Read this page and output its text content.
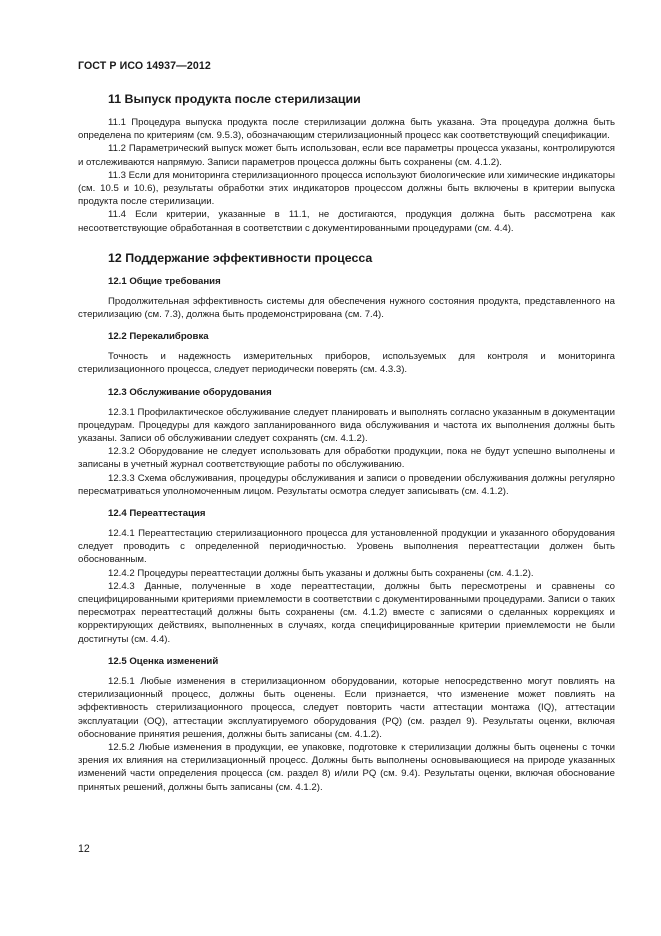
ГОСТ Р ИСО 14937—2012
11 Выпуск продукта после стерилизации

11.1 Процедура выпуска продукта после стерилизации должна быть указана. Эта процедура должна быть определена по критериям (см. 9.5.3), обозначающим стерилизационный процесс как соответствующий спецификации.

11.2 Параметрический выпуск может быть использован, если все параметры процесса указаны, контролируются и отслеживаются напрямую. Записи параметров процесса должны быть сохранены (см. 4.1.2).

11.3 Если для мониторинга стерилизационного процесса используют биологические или химические индикаторы (см. 10.5 и 10.6), результаты обработки этих индикаторов процессом должны быть включены в критерии выпуска продукта после стерилизации.

11.4 Если критерии, указанные в 11.1, не достигаются, продукция должна быть рассмотрена как несоответствующие обработанная в соответствии с документированными процедурами (см. 4.4).

12 Поддержание эффективности процесса
12.1 Общие требования

Продолжительная эффективность системы для обеспечения нужного состояния продукта, представленного на стерилизацию (см. 7.3), должна быть продемонстрирована (см. 7.4).

12.2 Перекалибровка

Точность и надежность измерительных приборов, используемых для контроля и мониторинга стерилизационного процесса, следует периодически поверять (см. 4.3.3).

12.3 Обслуживание оборудования

12.3.1 Профилактическое обслуживание следует планировать и выполнять согласно указанным в документации процедурам. Процедуры для каждого запланированного вида обслуживания и частота их выполнения должны быть указаны. Записи об обслуживании следует сохранять (см. 4.1.2).

12.3.2 Оборудование не следует использовать для обработки продукции, пока не будут успешно выполнены и записаны в учетный журнал соответствующие работы по обслуживанию.

12.3.3 Схема обслуживания, процедуры обслуживания и записи о проведении обслуживания должны регулярно пересматриваться уполномоченным лицом. Результаты осмотра следует записывать (см. 4.1.2).

12.4 Переаттестация

12.4.1 Переаттестацию стерилизационного процесса для установленной продукции и указанного оборудования следует проводить с определенной периодичностью. Уровень выполнения переаттестации должен быть обоснованным.

12.4.2 Процедуры переаттестации должны быть указаны и должны быть сохранены (см. 4.1.2).

12.4.3 Данные, полученные в ходе переаттестации, должны быть пересмотрены и сравнены со специфицированными критериями приемлемости в соответствии с документированными процедурами. Записи о таких пересмотрах переаттестаций должны быть сохранены (см. 4.1.2) вместе с записями о сделанных коррекциях и корректирующих действиях, выполненных в случаях, когда специфицированные критерии приемлемости не были достигнуты (см. 4.4).

12.5 Оценка изменений

12.5.1 Любые изменения в стерилизационном оборудовании, которые непосредственно могут повлиять на стерилизационный процесс, должны быть оценены. Если признается, что изменение может повлиять на эффективность стерилизационного процесса, следует повторить части аттестации монтажа (IQ), аттестации эксплуатации (OQ), аттестации эксплуатируемого оборудования (PQ) (см. раздел 9). Результаты оценки, включая обоснование принятия решения, должны быть записаны (см. 4.1.2).

12.5.2 Любые изменения в продукции, ее упаковке, подготовке к стерилизации должны быть оценены с точки зрения их влияния на стерилизационный процесс. Должны быть выполнены основывающиеся на природе указанных изменений части определения процесса (см. раздел 8) и/или PQ (см. 9.4). Результаты оценки, включая обоснование принятых решений, должны быть записаны (см. 4.1.2).

12
